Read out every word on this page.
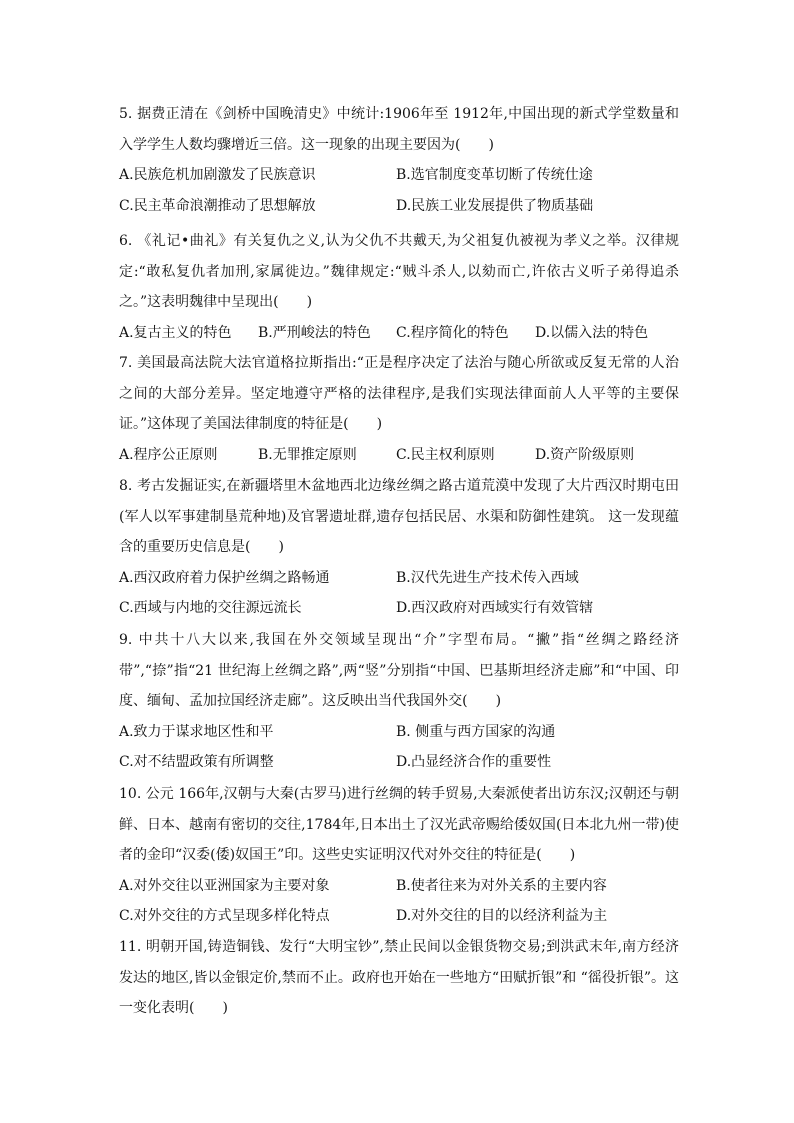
5. 据费正清在《剑桥中国晚清史》中统计:1906年至 1912年,中国出现的新式学堂数量和入学学生人数均骤增近三倍。这一现象的出现主要因为(　　)

A.民族危机加剧激发了民族意识	B.选官制度变革切断了传统仕途
C.民主革命浪潮推动了思想解放	D.民族工业发展提供了物质基础

6. 《礼记•曲礼》有关复仇之义,认为父仇不共戴天,为父祖复仇被视为孝义之举。汉律规定:“敢私复仇者加刑,家属徙边。”魏律规定:“贼斗杀人,以劾而亡,许依古义听子弟得追杀之。”这表明魏律中呈现出(　　)

A.复古主义的特色 B.严刑峻法的特色 C.程序简化的特色 D.以儒入法的特色

7. 美国最高法院大法官道格拉斯指出:“正是程序决定了法治与随心所欲或反复无常的人治之间的大部分差异。坚定地遵守严格的法律程序,是我们实现法律面前人人平等的主要保证。”这体现了美国法律制度的特征是(　　)

A.程序公正原则	B.无罪推定原则	C.民主权利原则	D.资产阶级原则

8. 考古发掘证实,在新疆塔里木盆地西北边缘丝绸之路古道荒漠中发现了大片西汉时期屯田(军人以军事建制垦荒种地)及官署遗址群,遗存包括民居、水渠和防御性建筑。 这一发现蕴含的重要历史信息是(　　)

A.西汉政府着力保护丝绸之路畅通	B.汉代先进生产技术传入西域
C.西域与内地的交往源远流长	D.西汉政府对西域实行有效管辖

9. 中共十八大以来,我国在外交领域呈现出“介”字型布局。“撇”指“丝绸之路经济带”,“捺”指“21 世纪海上丝绸之路”,两“竖”分别指“中国、巴基斯坦经济走廊”和“中国、印度、缅甸、孟加拉国经济走廊”。这反映出当代我国外交(　　)

A.致力于谋求地区性和平	B. 侧重与西方国家的沟通
C.对不结盟政策有所调整	D.凸显经济合作的重要性

10. 公元 166年,汉朝与大秦(古罗马)进行丝绸的转手贸易,大秦派使者出访东汉;汉朝还与朝鲜、日本、越南有密切的交往,1784年,日本出土了汉光武帝赐给倭奴国(日本北九州一带)使者的金印“汉委(倭)奴国王”印。这些史实证明汉代对外交往的特征是(　　)

A.对外交往以亚洲国家为主要对象	B.使者往来为对外关系的主要内容
C.对外交往的方式呈现多样化特点	D.对外交往的目的以经济利益为主

11. 明朝开国,铸造铜钱、发行“大明宝钞”,禁止民间以金银货物交易;到洪武末年,南方经济发达的地区,皆以金银定价,禁而不止。政府也开始在一些地方“田赋折银”和 “徭役折银”。这一变化表明(　　)
